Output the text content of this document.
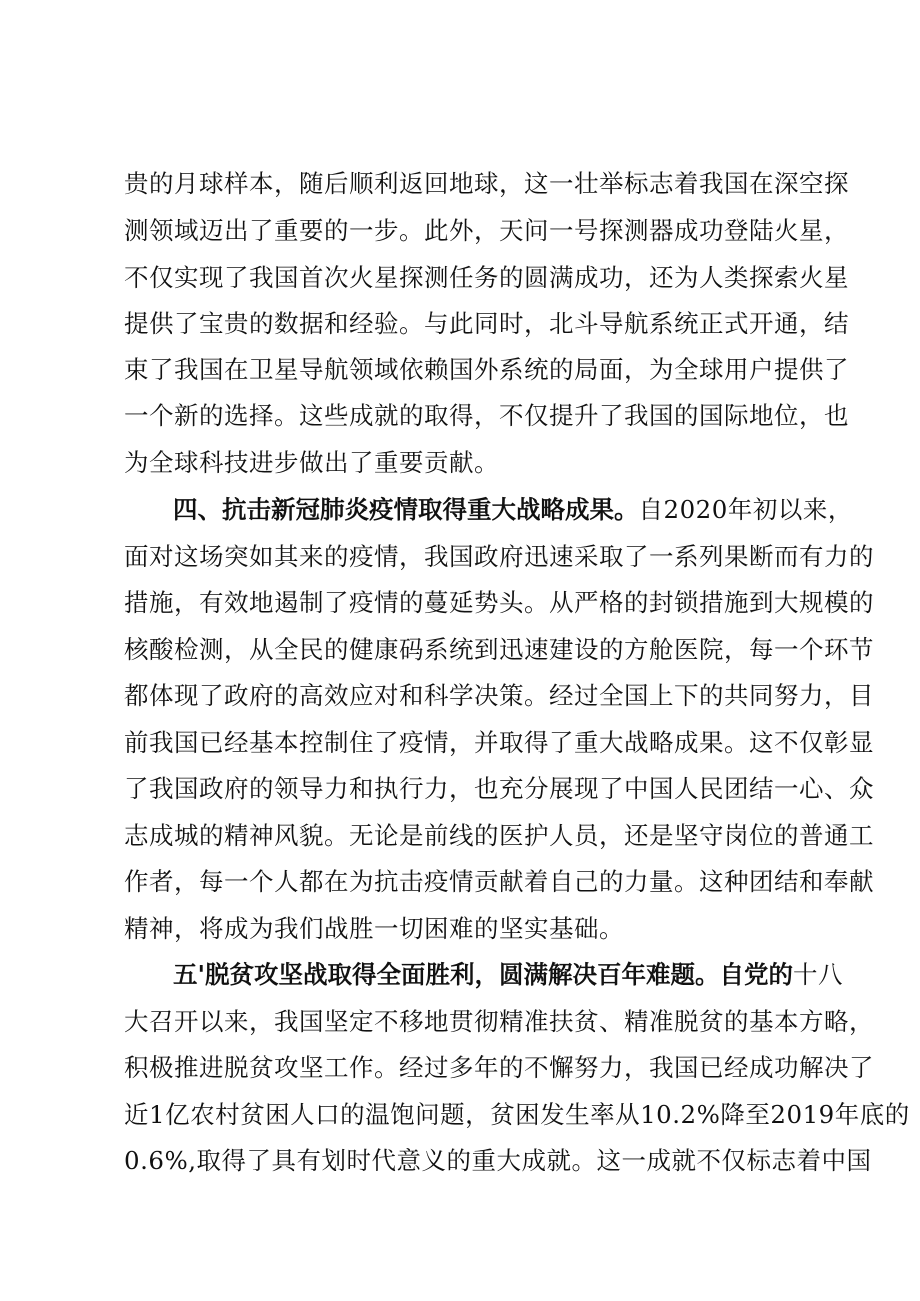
贵的月球样本，随后顺利返回地球，这一壮举标志着我国在深空探
测领域迈出了重要的一步。此外，天问一号探测器成功登陆火星，
不仅实现了我国首次火星探测任务的圆满成功，还为人类探索火星
提供了宝贵的数据和经验。与此同时，北斗导航系统正式开通，结
束了我国在卫星导航领域依赖国外系统的局面，为全球用户提供了
一个新的选择。这些成就的取得，不仅提升了我国的国际地位，也
为全球科技进步做出了重要贡献。
四、抗击新冠肺炎疫情取得重大战略成果。自2020年初以来，
面对这场突如其来的疫情，我国政府迅速采取了一系列果断而有力的
措施，有效地遏制了疫情的蔓延势头。从严格的封锁措施到大规模的
核酸检测，从全民的健康码系统到迅速建设的方舱医院，每一个环节
都体现了政府的高效应对和科学决策。经过全国上下的共同努力，目
前我国已经基本控制住了疫情，并取得了重大战略成果。这不仅彰显
了我国政府的领导力和执行力，也充分展现了中国人民团结一心、众
志成城的精神风貌。无论是前线的医护人员，还是坚守岗位的普通工
作者，每一个人都在为抗击疫情贡献着自己的力量。这种团结和奉献
精神，将成为我们战胜一切困难的坚实基础。
五'脱贫攻坚战取得全面胜利，圆满解决百年难题。自党的十八
大召开以来，我国坚定不移地贯彻精准扶贫、精准脱贫的基本方略，
积极推进脱贫攻坚工作。经过多年的不懈努力，我国已经成功解决了
近1亿农村贫困人口的温饱问题，贫困发生率从10.2%降至2019年底的
0.6%,取得了具有划时代意义的重大成就。这一成就不仅标志着中国
